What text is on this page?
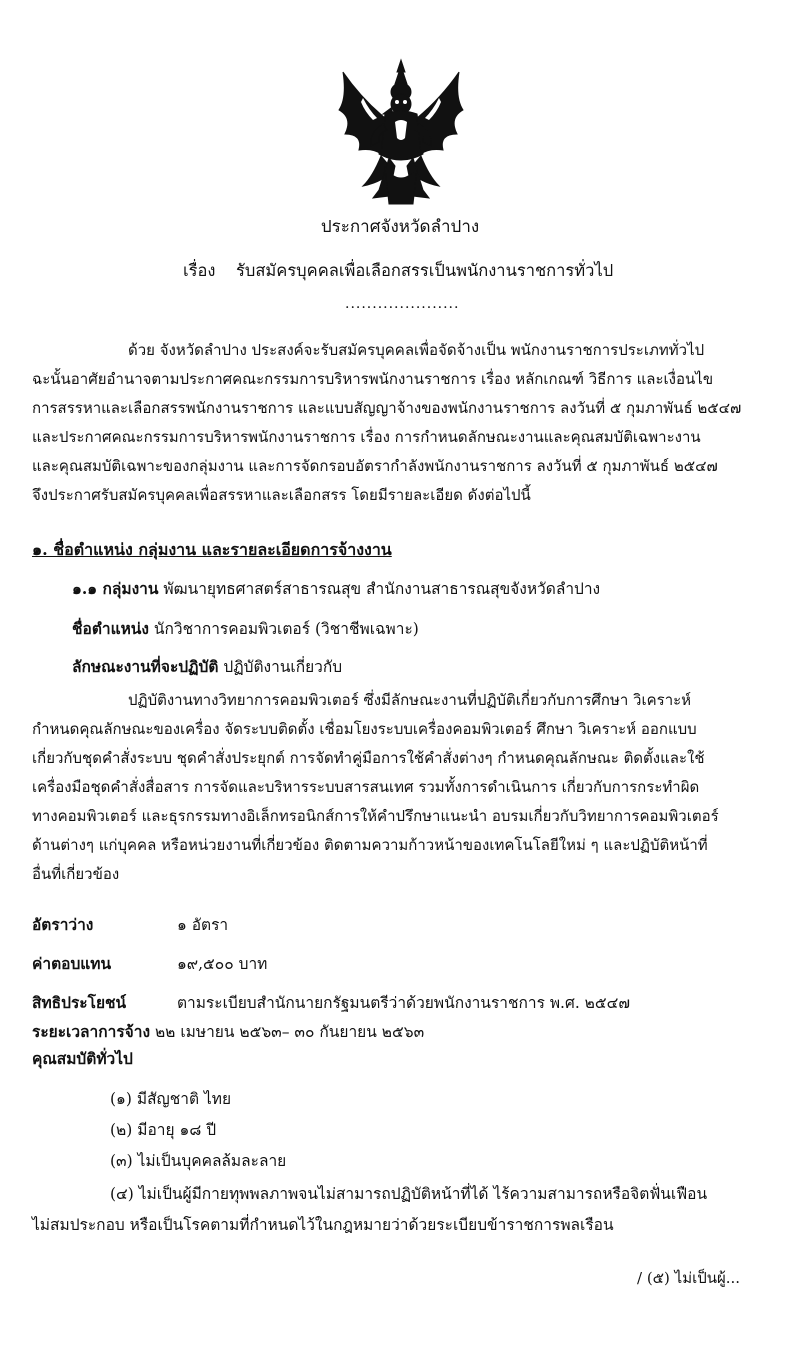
ประกาศจังหวัดลำปาง
เรื่อง รับสมัครบุคคลเพื่อเลือกสรรเป็นพนักงานราชการทั่วไป
.....................
ด้วย จังหวัดลำปาง ประสงค์จะรับสมัครบุคคลเพื่อจัดจ้างเป็น พนักงานราชการประเภททั่วไป
ฉะนั้นอาศัยอำนาจตามประกาศคณะกรรมการบริหารพนักงานราชการ เรื่อง หลักเกณฑ์ วิธีการ และเงื่อนไข
การสรรหาและเลือกสรรพนักงานราชการ และแบบสัญญาจ้างของพนักงานราชการ ลงวันที่ ๕ กุมภาพันธ์ ๒๕๔๗
และประกาศคณะกรรมการบริหารพนักงานราชการ เรื่อง การกำหนดลักษณะงานและคุณสมบัติเฉพาะงาน
และคุณสมบัติเฉพาะของกลุ่มงาน และการจัดกรอบอัตรากำลังพนักงานราชการ ลงวันที่ ๕ กุมภาพันธ์ ๒๕๔๗
จึงประกาศรับสมัครบุคคลเพื่อสรรหาและเลือกสรร โดยมีรายละเอียด ดังต่อไปนี้
๑. ชื่อตำแหน่ง กลุ่มงาน และรายละเอียดการจ้างงาน
๑.๑ กลุ่มงาน พัฒนายุทธศาสตร์สาธารณสุข สำนักงานสาธารณสุขจังหวัดลำปาง
ชื่อตำแหน่ง นักวิชาการคอมพิวเตอร์ (วิชาชีพเฉพาะ)
ลักษณะงานที่จะปฏิบัติ ปฏิบัติงานเกี่ยวกับ
ปฏิบัติงานทางวิทยาการคอมพิวเตอร์ ซึ่งมีลักษณะงานที่ปฏิบัติเกี่ยวกับการศึกษา วิเคราะห์
กำหนดคุณลักษณะของเครื่อง จัดระบบติดตั้ง เชื่อมโยงระบบเครื่องคอมพิวเตอร์ ศึกษา วิเคราะห์ ออกแบบ
เกี่ยวกับชุดคำสั่งระบบ ชุดคำสั่งประยุกต์ การจัดทำคู่มือการใช้คำสั่งต่างๆ กำหนดคุณลักษณะ ติดตั้งและใช้
เครื่องมือชุดคำสั่งสื่อสาร การจัดและบริหารระบบสารสนเทศ รวมทั้งการดำเนินการ เกี่ยวกับการกระทำผิด
ทางคอมพิวเตอร์ และธุรกรรมทางอิเล็กทรอนิกส์การให้คำปรึกษาแนะนำ อบรมเกี่ยวกับวิทยาการคอมพิวเตอร์
ด้านต่างๆ แก่บุคคล หรือหน่วยงานที่เกี่ยวข้อง ติดตามความก้าวหน้าของเทคโนโลยีใหม่ ๆ และปฏิบัติหน้าที่
อื่นที่เกี่ยวข้อง
อัตราว่าง	๑ อัตรา
ค่าตอบแทน	๑๙,๕๐๐ บาท
สิทธิประโยชน์	ตามระเบียบสำนักนายกรัฐมนตรีว่าด้วยพนักงานราชการ พ.ศ. ๒๕๔๗
ระยะเวลาการจ้าง ๒๒ เมษายน ๒๕๖๓– ๓๐ กันยายน ๒๕๖๓
คุณสมบัติทั่วไป
(๑) มีสัญชาติ ไทย
(๒) มีอายุ ๑๘ ปี
(๓) ไม่เป็นบุคคลล้มละลาย
(๔) ไม่เป็นผู้มีกายทุพพลภาพจนไม่สามารถปฏิบัติหน้าที่ได้ ไร้ความสามารถหรือจิตฟั่นเฟือน
ไม่สมประกอบ หรือเป็นโรคตามที่กำหนดไว้ในกฎหมายว่าด้วยระเบียบข้าราชการพลเรือน
/ (๕) ไม่เป็นผู้...
